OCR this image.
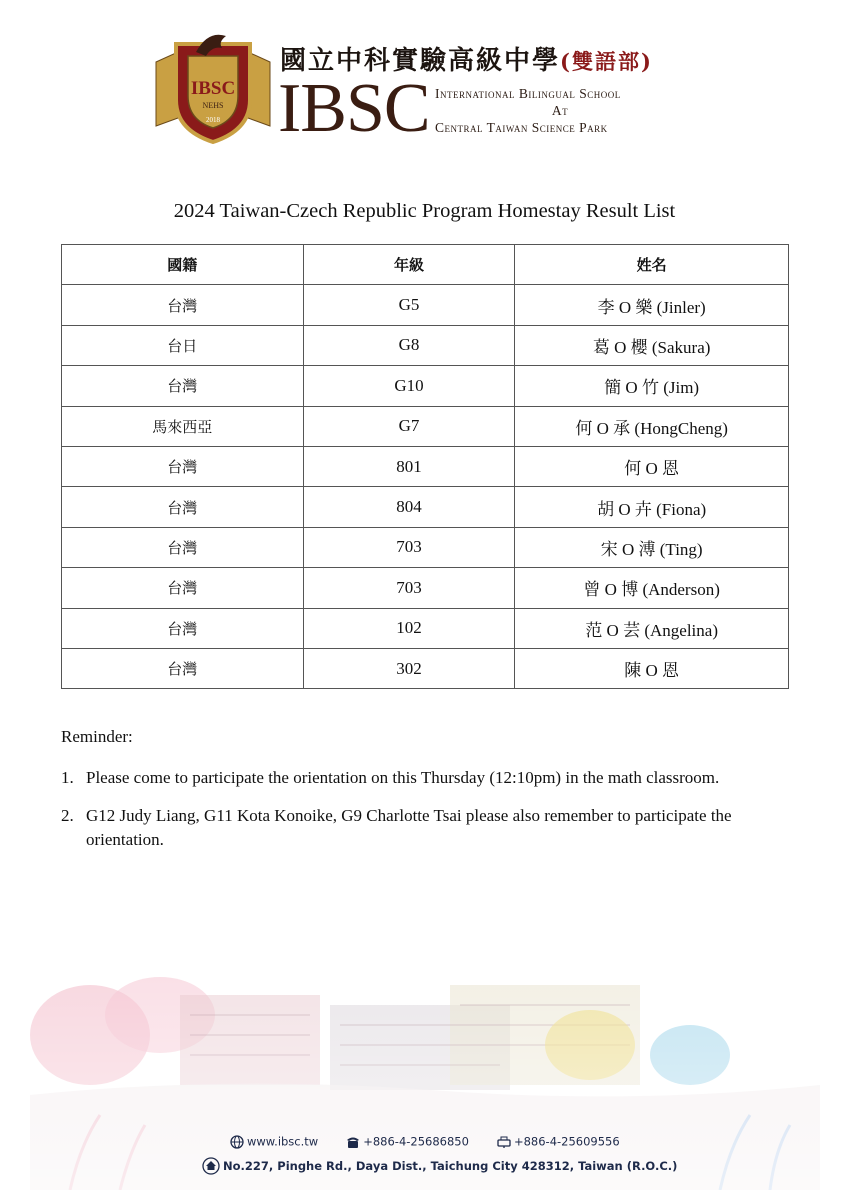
IBSC
NEHS
2018
國立中科實驗高級中學(雙語部)
IBSC International Bilingual School
At
Central Taiwan Science Park
2024 Taiwan-Czech Republic Program Homestay Result List
國籍	年級	姓名
台灣	G5	李 O 樂 (Jinler)
台日	G8	葛 O 櫻 (Sakura)
台灣	G10	簡 O 竹 (Jim)
馬來西亞	G7	何 O 承 (HongCheng)
台灣	801	何 O 恩
台灣	804	胡 O 卉 (Fiona)
台灣	703	宋 O 溥 (Ting)
台灣	703	曾 O 博 (Anderson)
台灣	102	范 O 芸 (Angelina)
台灣	302	陳 O 恩
Reminder:
1. Please come to participate the orientation on this Thursday (12:10pm) in the math classroom.
2. G12 Judy Liang, G11 Kota Konoike, G9 Charlotte Tsai please also remember to participate the orientation.
www.ibsc.tw	+886-4-25686850	+886-4-25609556
No.227, Pinghe Rd., Daya Dist., Taichung City 428312, Taiwan (R.O.C.)
